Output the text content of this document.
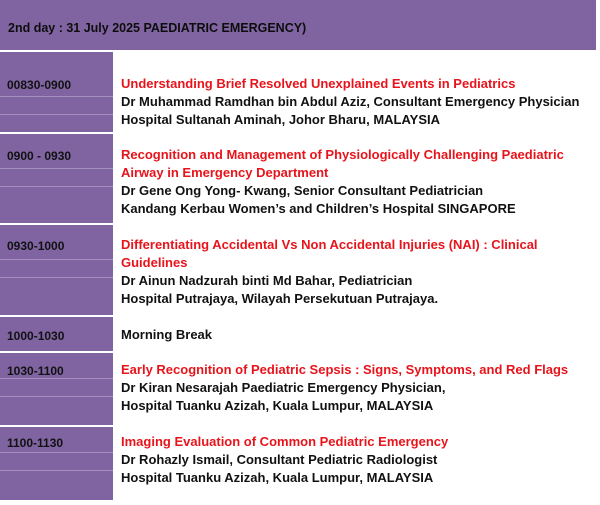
2nd day : 31 July 2025 PAEDIATRIC EMERGENCY)
00830-0900	Understanding Brief Resolved Unexplained Events in Pediatrics
Dr Muhammad Ramdhan bin Abdul Aziz, Consultant Emergency Physician
Hospital Sultanah Aminah, Johor Bharu, MALAYSIA
0900 - 0930	Recognition and Management of Physiologically Challenging Paediatric Airway in Emergency Department
Dr Gene Ong Yong- Kwang, Senior Consultant Pediatrician
Kandang Kerbau Women’s and Children’s Hospital SINGAPORE
0930-1000	Differentiating Accidental Vs Non Accidental Injuries (NAI) : Clinical Guidelines
Dr Ainun Nadzurah binti Md Bahar, Pediatrician
Hospital Putrajaya, Wilayah Persekutuan Putrajaya.
1000-1030	Morning Break
1030-1100	Early Recognition of Pediatric Sepsis : Signs, Symptoms, and Red Flags
Dr Kiran Nesarajah Paediatric Emergency Physician,
Hospital Tuanku Azizah, Kuala Lumpur, MALAYSIA
1100-1130	Imaging Evaluation of Common Pediatric Emergency
Dr Rohazly Ismail, Consultant Pediatric Radiologist
Hospital Tuanku Azizah, Kuala Lumpur, MALAYSIA
